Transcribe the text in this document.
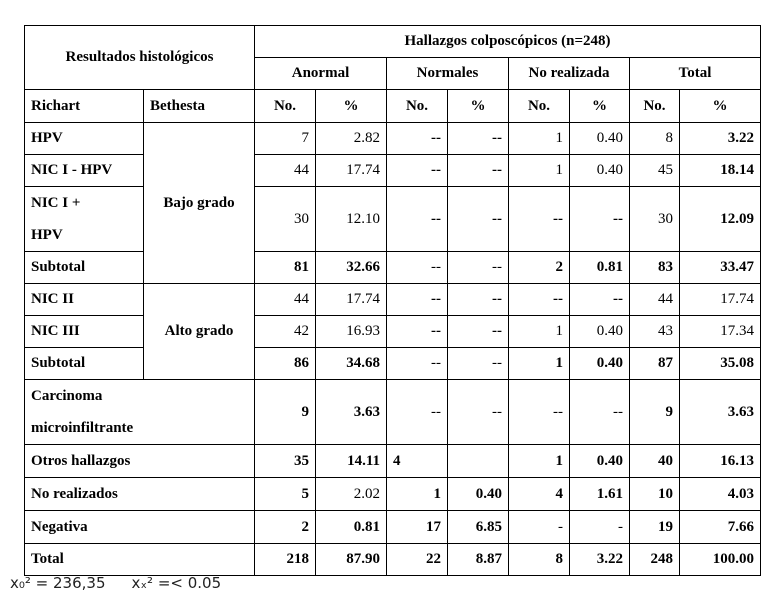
Resultados histológicos		Hallazgos colposcópicos (n=248)							
		Anormal		Normales		No realizada		Total	
Richart	Bethesta	No.	%	No.	%	No.	%	No.	%
HPV	Bajo grado	7	2.82	--	--	1	0.40	8	3.22
NIC I - HPV		44	17.74	--	--	1	0.40	45	18.14
NIC I +
HPV		30	12.10	--	--	--	--	30	12.09
Subtotal		81	32.66	--	--	2	0.81	83	33.47
NIC II	Alto grado	44	17.74	--	--	--	--	44	17.74
NIC III		42	16.93	--	--	1	0.40	43	17.34
Subtotal		86	34.68	--	--	1	0.40	87	35.08
Carcinoma
microinfiltrante		9	3.63	--	--	--	--	9	3.63
Otros hallazgos		35	14.11	4		1	0.40	40	16.13
No realizados		5	2.02	1	0.40	4	1.61	10	4.03
Negativa		2	0.81	17	6.85	-	-	19	7.66
Total		218	87.90	22	8.87	8	3.22	248	100.00
x₀² = 236,35 xₓ² =< 0.05
